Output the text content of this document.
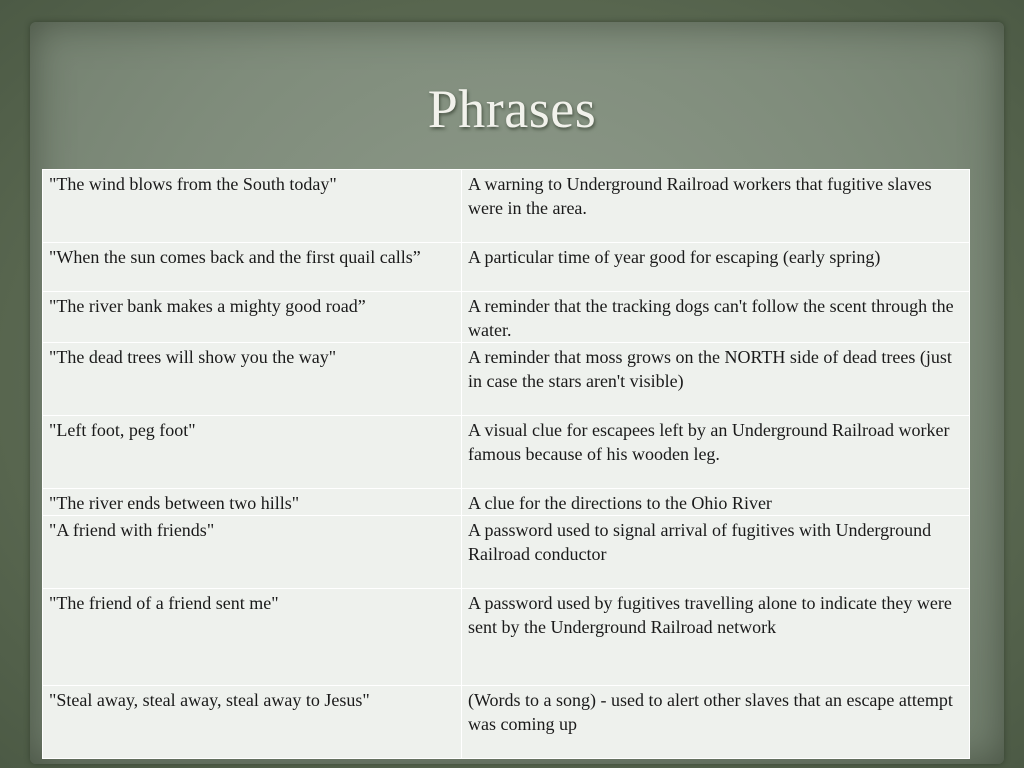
Phrases
"The wind blows from the South today"	A warning to Underground Railroad workers that fugitive slaves were in the area.
"When the sun comes back and the first quail calls”	A particular time of year good for escaping (early spring)
"The river bank makes a mighty good road”	A reminder that the tracking dogs can't follow the scent through the water.
"The dead trees will show you the way"	A reminder that moss grows on the NORTH side of dead trees (just in case the stars aren't visible)
"Left foot, peg foot"	A visual clue for escapees left by an Underground Railroad worker famous because of his wooden leg.
"The river ends between two hills"	A clue for the directions to the Ohio River
"A friend with friends"	A password used to signal arrival of fugitives with Underground Railroad conductor
"The friend of a friend sent me"	A password used by fugitives travelling alone to indicate they were sent by the Underground Railroad network
"Steal away, steal away, steal away to Jesus"	(Words to a song) - used to alert other slaves that an escape attempt was coming up
